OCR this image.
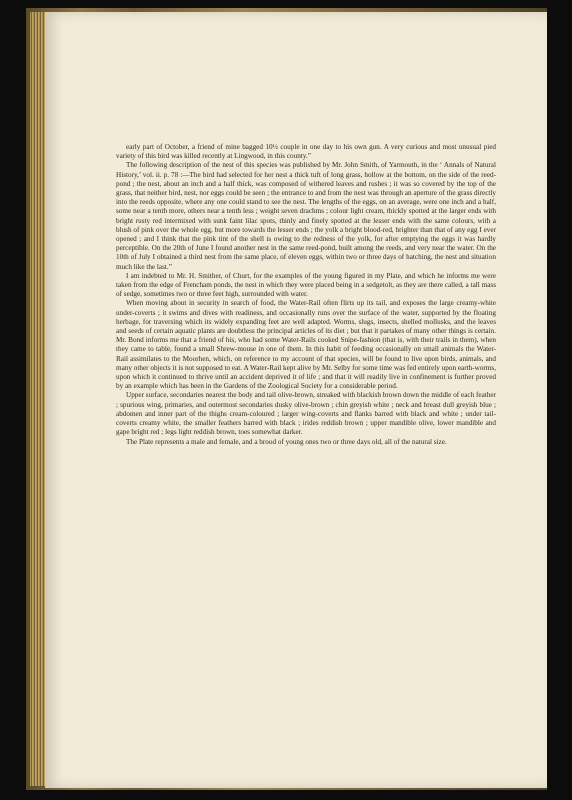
early part of October, a friend of mine bagged 10½ couple in one day to his own gun. A very curious and most unusual pied variety of this bird was killed recently at Lingwood, in this county.”

The following description of the nest of this species was published by Mr. John Smith, of Yarmouth, in the ‘ Annals of Natural History,’ vol. ii. p. 78 :—The bird had selected for her nest a thick tuft of long grass, hollow at the bottom, on the side of the reed-pond ; the nest, about an inch and a half thick, was composed of withered leaves and rushes ; it was so covered by the top of the grass, that neither bird, nest, nor eggs could be seen ; the entrance to and from the nest was through an aperture of the grass directly into the reeds opposite, where any one could stand to see the nest. The lengths of the eggs, on an average, were one inch and a half, some near a tenth more, others near a tenth less ; weight seven drachms ; colour light cream, thickly spotted at the larger ends with bright rusty red intermixed with sunk faint lilac spots, thinly and finely spotted at the lesser ends with the same colours, with a blush of pink over the whole egg, but more towards the lesser ends ; the yolk a bright blood-red, brighter than that of any egg I ever opened ; and I think that the pink tint of the shell is owing to the redness of the yolk, for after emptying the eggs it was hardly perceptible. On the 20th of June I found another nest in the same reed-pond, built among the reeds, and very near the water. On the 10th of July I obtained a third nest from the same place, of eleven eggs, within two or three days of hatching, the nest and situation much like the last.”

I am indebted to Mr. H. Smither, of Churt, for the examples of the young figured in my Plate, and which he informs me were taken from the edge of Frencham ponds, the nest in which they were placed being in a sedgetolt, as they are there called, a tall mass of sedge, sometimes two or three feet high, surrounded with water.

When moving about in security in search of food, the Water-Rail often flirts up its tail, and exposes the large creamy-white under-coverts ; it swims and dives with readiness, and occasionally runs over the surface of the water, supported by the floating herbage, for traversing which its widely expanding feet are well adapted. Worms, slugs, insects, shelled mollusks, and the leaves and seeds of certain aquatic plants are doubtless the principal articles of its diet ; but that it partakes of many other things is certain. Mr. Bond informs me that a friend of his, who had some Water-Rails cooked Snipe-fashion (that is, with their trails in them), when they came to table, found a small Shrew-mouse in one of them. In this habit of feeding occasionally on small animals the Water-Rail assimilates to the Moorhen, which, on reference to my account of that species, will be found to live upon birds, animals, and many other objects it is not supposed to eat. A Water-Rail kept alive by Mr. Selby for some time was fed entirely upon earth-worms, upon which it continued to thrive until an accident deprived it of life ; and that it will readily live in confinement is further proved by an example which has been in the Gardens of the Zoological Society for a considerable period.

Upper surface, secondaries nearest the body and tail olive-brown, streaked with blackish brown down the middle of each feather ; spurious wing, primaries, and outermost secondaries dusky olive-brown ; chin greyish white ; neck and breast dull greyish blue ; abdomen and inner part of the thighs cream-coloured ; larger wing-coverts and flanks barred with black and white ; under tail-coverts creamy white, the smaller feathers barred with black ; irides reddish brown ; upper mandible olive, lower mandible and gape bright red ; legs light reddish brown, toes somewhat darker.

The Plate represents a male and female, and a brood of young ones two or three days old, all of the natural size.
